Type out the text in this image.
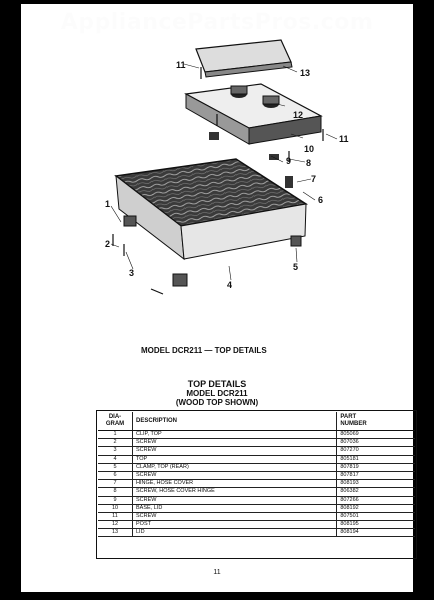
AppliancePartsPros.com
11
13
12
10
11
8
9
7
6
1
2
3
4
5
MODEL DCR211 — TOP DETAILS
TOP DETAILS
MODEL DCR211
(WOOD TOP SHOWN)
DIA-
GRAM	DESCRIPTION	PART
NUMBER
1	CLIP, TOP	805069
2	SCREW	807036
3	SCREW	807270
4	TOP	805181
5	CLAMP, TOP (REAR)	807819
6	SCREW	807817
7	HINGE, HOSE COVER	808193
8	SCREW, HOSE COVER HINGE	806382
9	SCREW	807266
10	BASE, LID	808192
11	SCREW	807501
12	POST	808195
13	LID	808194
11
